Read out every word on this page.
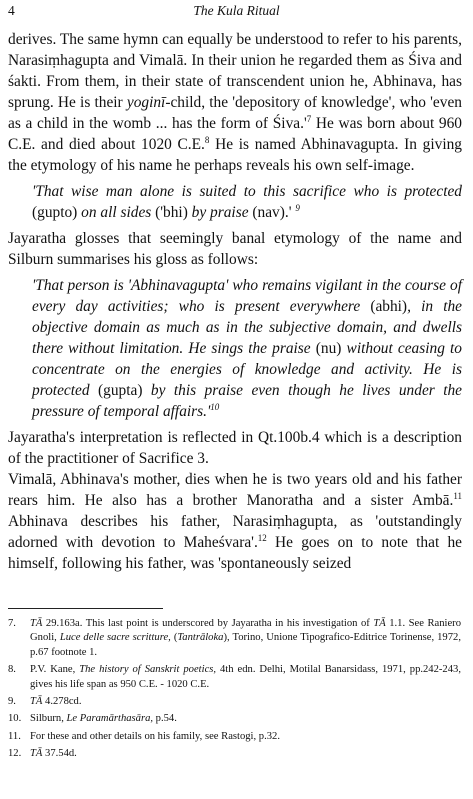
4	The Kula Ritual

derives. The same hymn can equally be understood to refer to his parents, Narasiṃhagupta and Vimalā. In their union he regarded them as Śiva and śakti. From them, in their state of transcendent union he, Abhinava, has sprung. He is their yoginī-child, the 'depository of knowledge', who 'even as a child in the womb ... has the form of $Śiva.'^7$ He was born about 960 C.E. and died about 1020 C.E.$^8$ He is named Abhinavagupta. In giving the etymology of his name he perhaps reveals his own self-image.

'That wise man alone is suited to this sacrifice who is protected (gupto) on all sides ('bhi) by praise (nav).' $^9$

Jayaratha glosses that seemingly banal etymology of the name and Silburn summarises his gloss as follows:

'That person is 'Abhinavagupta' who remains vigilant in the course of every day activities; who is present everywhere (abhi), in the objective domain as much as in the subjective domain, and dwells there without limitation. He sings the praise (nu) without ceasing to concentrate on the energies of knowledge and activity. He is protected (gupta) by this praise even though he lives under the pressure of temporal $affairs.'^{10}$

Jayaratha's interpretation is reflected in Qt.100b.4 which is a description of the practitioner of Sacrifice 3.

Vimalā, Abhinava's mother, dies when he is two years old and his father rears him. He also has a brother Manoratha and a sister Ambā.$^{11}$ Abhinava describes his father, Narasiṃhagupta, as 'outstandingly adorned with devotion to Maheśvara'.$^{12}$ He goes on to note that he himself, following his father, was 'spontaneously seized

7.	TĀ 29.163a. This last point is underscored by Jayaratha in his investigation of TĀ 1.1. See Raniero Gnoli, Luce delle sacre scritture, (Tantrāloka), Torino, Unione Tipografico-Editrice Torinense, 1972, p.67 footnote 1.
8.	P.V. Kane, The history of Sanskrit poetics, 4th edn. Delhi, Motilal Banarsidass, 1971, pp.242-243, gives his life span as 950 C.E. - 1020 C.E.
9.	TĀ 4.278cd.
10. Silburn, Le Paramārthasāra, p.54.
11. For these and other details on his family, see Rastogi, p.32.
12. TĀ 37.54d.
